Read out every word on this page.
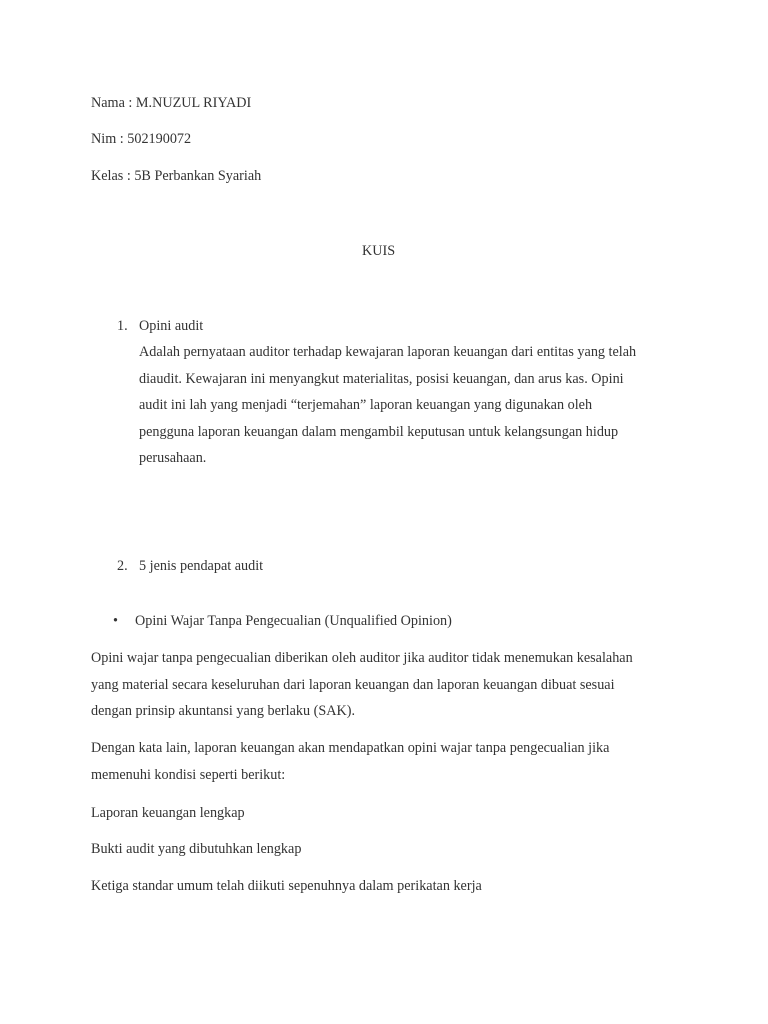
Nama : M.NUZUL RIYADI
Nim : 502190072
Kelas : 5B Perbankan Syariah
KUIS
1. Opini audit
Adalah pernyataan auditor terhadap kewajaran laporan keuangan dari entitas yang telah
diaudit. Kewajaran ini menyangkut materialitas, posisi keuangan, dan arus kas. Opini
audit ini lah yang menjadi “terjemahan” laporan keuangan yang digunakan oleh
pengguna laporan keuangan dalam mengambil keputusan untuk kelangsungan hidup
perusahaan.
2. 5 jenis pendapat audit
• Opini Wajar Tanpa Pengecualian (Unqualified Opinion)
Opini wajar tanpa pengecualian diberikan oleh auditor jika auditor tidak menemukan kesalahan
yang material secara keseluruhan dari laporan keuangan dan laporan keuangan dibuat sesuai
dengan prinsip akuntansi yang berlaku (SAK).
Dengan kata lain, laporan keuangan akan mendapatkan opini wajar tanpa pengecualian jika
memenuhi kondisi seperti berikut:
Laporan keuangan lengkap
Bukti audit yang dibutuhkan lengkap
Ketiga standar umum telah diikuti sepenuhnya dalam perikatan kerja
